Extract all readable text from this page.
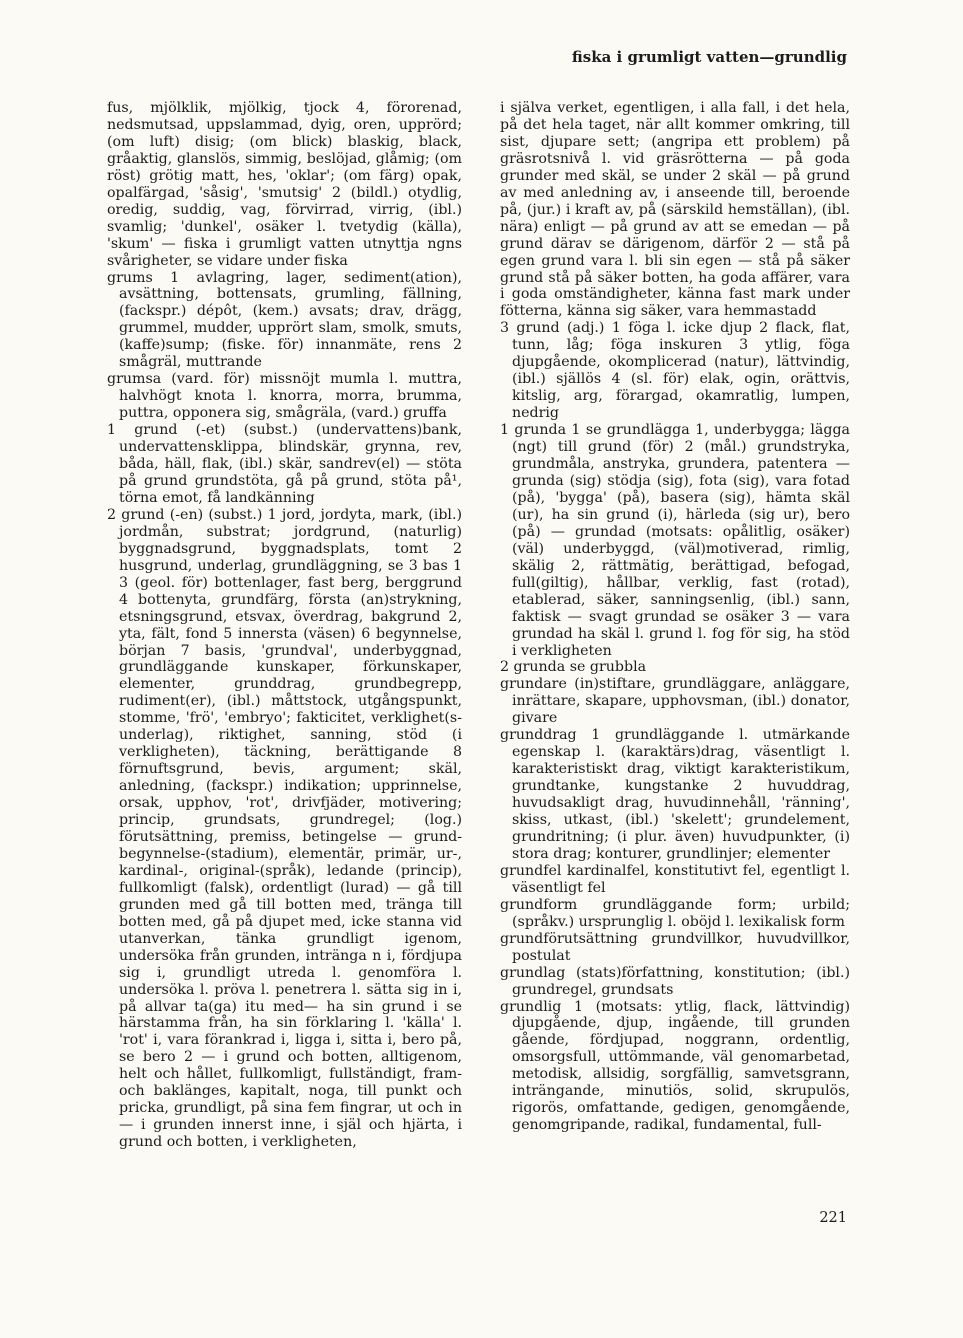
fiska i grumligt vatten—grundlig

fus, mjölklik, mjölkig, tjock 4, förorenad, nedsmutsad, uppslammad, dyig, oren, upprörd; (om luft) disig; (om blick) blaskig, black, gråaktig, glanslös, simmig, beslöjad, glåmig; (om röst) grötig matt, hes, 'oklar'; (om färg) opak, opalfärgad, 'såsig', 'smutsig' 2 (bildl.) otydlig, oredig, suddig, vag, förvirrad, virrig, (ibl.) svamlig; 'dunkel', osäker l. tvetydig (källa), 'skum' — fiska i grumligt vatten utnyttja ngns svårigheter, se vidare under fiska

grums 1 avlagring, lager, sediment(ation), avsättning, bottensats, grumling, fällning, (fackspr.) dépôt, (kem.) avsats; drav, drägg, grummel, mudder, upprört slam, smolk, smuts, (kaffe)sump; (fiske. för) innanmäte, rens 2 smågräl, muttrande

grumsa (vard. för) missnöjt mumla l. muttra, halvhögt knota l. knorra, morra, brumma, puttra, opponera sig, smågräla, (vard.) gruffa

1 grund (-et) (subst.) (undervattens)bank, undervattensklippa, blindskär, grynna, rev, båda, häll, flak, (ibl.) skär, sandrev(el) — stöta på grund grundstöta, gå på grund, stöta på¹, törna emot, få landkänning

2 grund (-en) (subst.) 1 jord, jordyta, mark, (ibl.) jordmån, substrat; jordgrund, (naturlig) byggnadsgrund, byggnadsplats, tomt 2 husgrund, underlag, grundläggning, se 3 bas 1 3 (geol. för) bottenlager, fast berg, berggrund 4 bottenyta, grundfärg, första (an)strykning, etsningsgrund, etsvax, överdrag, bakgrund 2, yta, fält, fond 5 innersta (väsen) 6 begynnelse, början 7 basis, 'grundval', underbyggnad, grundläggande kunskaper, förkunskaper, elementer, grunddrag, grundbegrepp, rudiment(er), (ibl.) måttstock, utgångspunkt, stomme, 'frö', 'embryo'; fakticitet, verklighet(s-underlag), riktighet, sanning, stöd (i verkligheten), täckning, berättigande 8 förnuftsgrund, bevis, argument; skäl, anledning, (fackspr.) indikation; upprinnelse, orsak, upphov, 'rot', drivfjäder, motivering; princip, grundsats, grundregel; (log.) förutsättning, premiss, betingelse — grund- begynnelse-(stadium), elementär, primär, ur-, kardinal-, original-(språk), ledande (princip), fullkomligt (falsk), ordentligt (lurad) — gå till grunden med gå till botten med, tränga till botten med, gå på djupet med, icke stanna vid utanverkan, tänka grundligt igenom, undersöka från grunden, intränga n i, fördjupa sig i, grundligt utreda l. genomföra l. undersöka l. pröva l. penetrera l. sätta sig in i, på allvar ta(ga) itu med— ha sin grund i se härstamma från, ha sin förklaring l. 'källa' l. 'rot' i, vara förankrad i, ligga i, sitta i, bero på, se bero 2 — i grund och botten, alltigenom, helt och hållet, fullkomligt, fullständigt, fram- och baklänges, kapitalt, noga, till punkt och pricka, grundligt, på sina fem fingrar, ut och in — i grunden innerst inne, i själ och hjärta, i grund och botten, i verkligheten,

i själva verket, egentligen, i alla fall, i det hela, på det hela taget, när allt kommer omkring, till sist, djupare sett; (angripa ett problem) på gräsrotsnivå l. vid gräsrötterna — på goda grunder med skäl, se under 2 skäl — på grund av med anledning av, i anseende till, beroende på, (jur.) i kraft av, på (särskild hemställan), (ibl. nära) enligt — på grund av att se emedan — på grund därav se därigenom, därför 2 — stå på egen grund vara l. bli sin egen — stå på säker grund stå på säker botten, ha goda affärer, vara i goda omständigheter, känna fast mark under fötterna, känna sig säker, vara hemmastadd

3 grund (adj.) 1 föga l. icke djup 2 flack, flat, tunn, låg; föga inskuren 3 ytlig, föga djupgående, okomplicerad (natur), lättvindig, (ibl.) själlös 4 (sl. för) elak, ogin, orättvis, kitslig, arg, förargad, okamratlig, lumpen, nedrig

1 grunda 1 se grundlägga 1, underbygga; lägga (ngt) till grund (för) 2 (mål.) grundstryka, grundmåla, anstryka, grundera, patentera — grunda (sig) stödja (sig), fota (sig), vara fotad (på), 'bygga' (på), basera (sig), hämta skäl (ur), ha sin grund (i), härleda (sig ur), bero (på) — grundad (motsats: opålitlig, osäker) (väl) underbyggd, (väl)motiverad, rimlig, skälig 2, rättmätig, berättigad, befogad, full(giltig), hållbar, verklig, fast (rotad), etablerad, säker, sanningsenlig, (ibl.) sann, faktisk — svagt grundad se osäker 3 — vara grundad ha skäl l. grund l. fog för sig, ha stöd i verkligheten

2 grunda se grubbla

grundare (in)stiftare, grundläggare, anläggare, inrättare, skapare, upphovsman, (ibl.) donator, givare

grunddrag 1 grundläggande l. utmärkande egenskap l. (karaktärs)drag, väsentligt l. karakteristiskt drag, viktigt karakteristikum, grundtanke, kungstanke 2 huvuddrag, huvudsakligt drag, huvudinnehåll, 'ränning', skiss, utkast, (ibl.) 'skelett'; grundelement, grundritning; (i plur. även) huvudpunkter, (i) stora drag; konturer, grundlinjer; elementer

grundfel kardinalfel, konstitutivt fel, egentligt l. väsentligt fel

grundform grundläggande form; urbild; (språkv.) ursprunglig l. oböjd l. lexikalisk form

grundförutsättning grundvillkor, huvudvillkor, postulat

grundlag (stats)författning, konstitution; (ibl.) grundregel, grundsats

grundlig 1 (motsats: ytlig, flack, lättvindig) djupgående, djup, ingående, till grunden gående, fördjupad, noggrann, ordentlig, omsorgsfull, uttömmande, väl genomarbetad, metodisk, allsidig, sorgfällig, samvetsgrann, inträngande, minutiös, solid, skrupulös, rigorös, omfattande, gedigen, genomgående, genomgripande, radikal, fundamental, full-

221
